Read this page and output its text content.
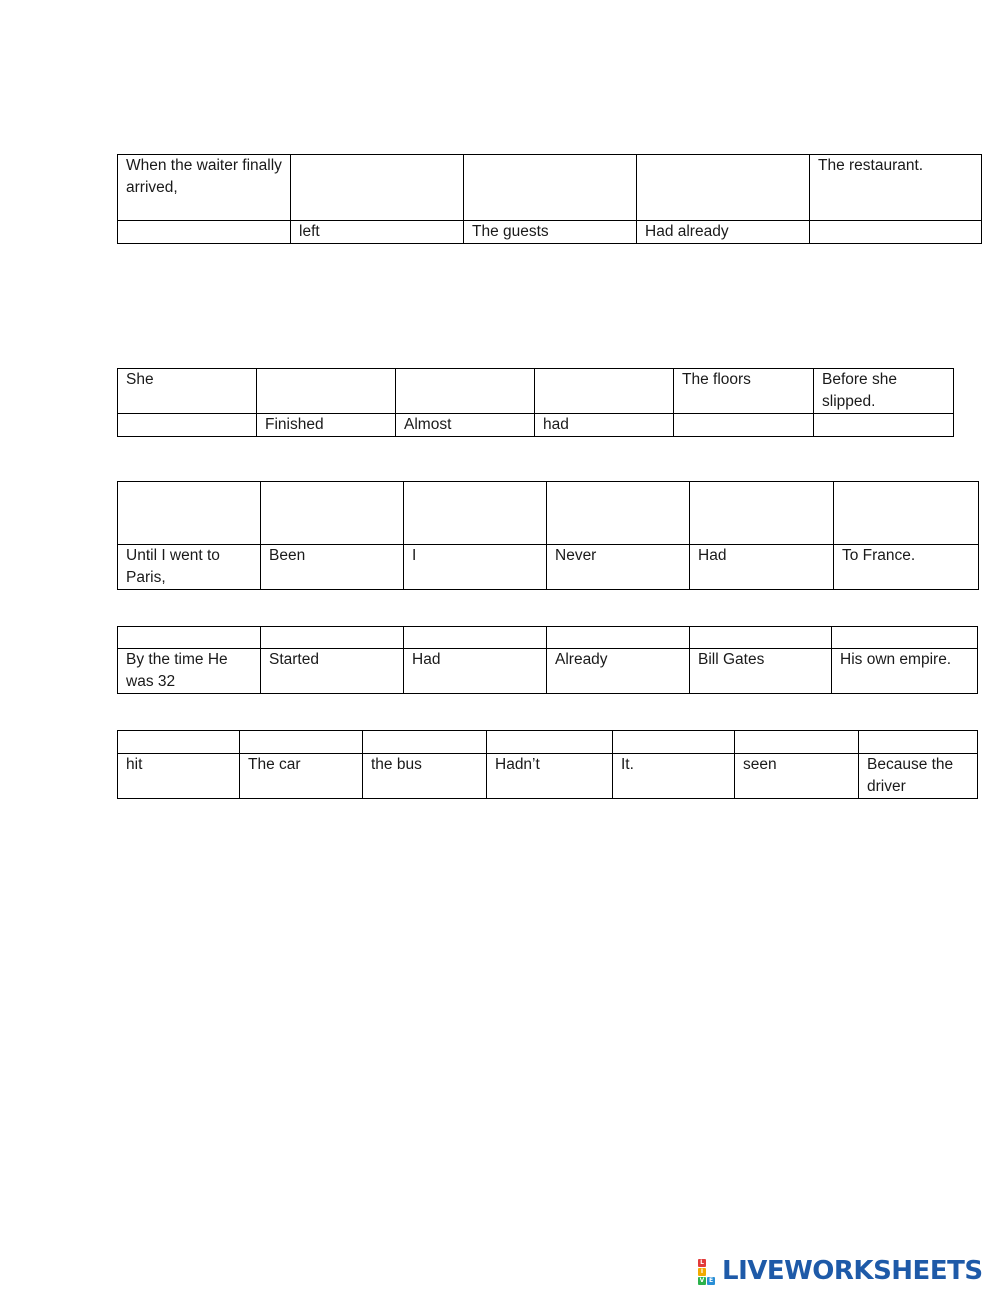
When the waiter finally arrived,				The restaurant.
	left	The guests	Had already	
She				The floors	Before she slipped.
	Finished	Almost	had		

Until I went to Paris,	Been	I	Never	Had	To France.

By the time He was 32	Started	Had	Already	Bill Gates	His own empire.

hit	The car	the bus	Hadn’t	It.	seen	Because the driver
L
I
V E LIVEWORKSHEETS
